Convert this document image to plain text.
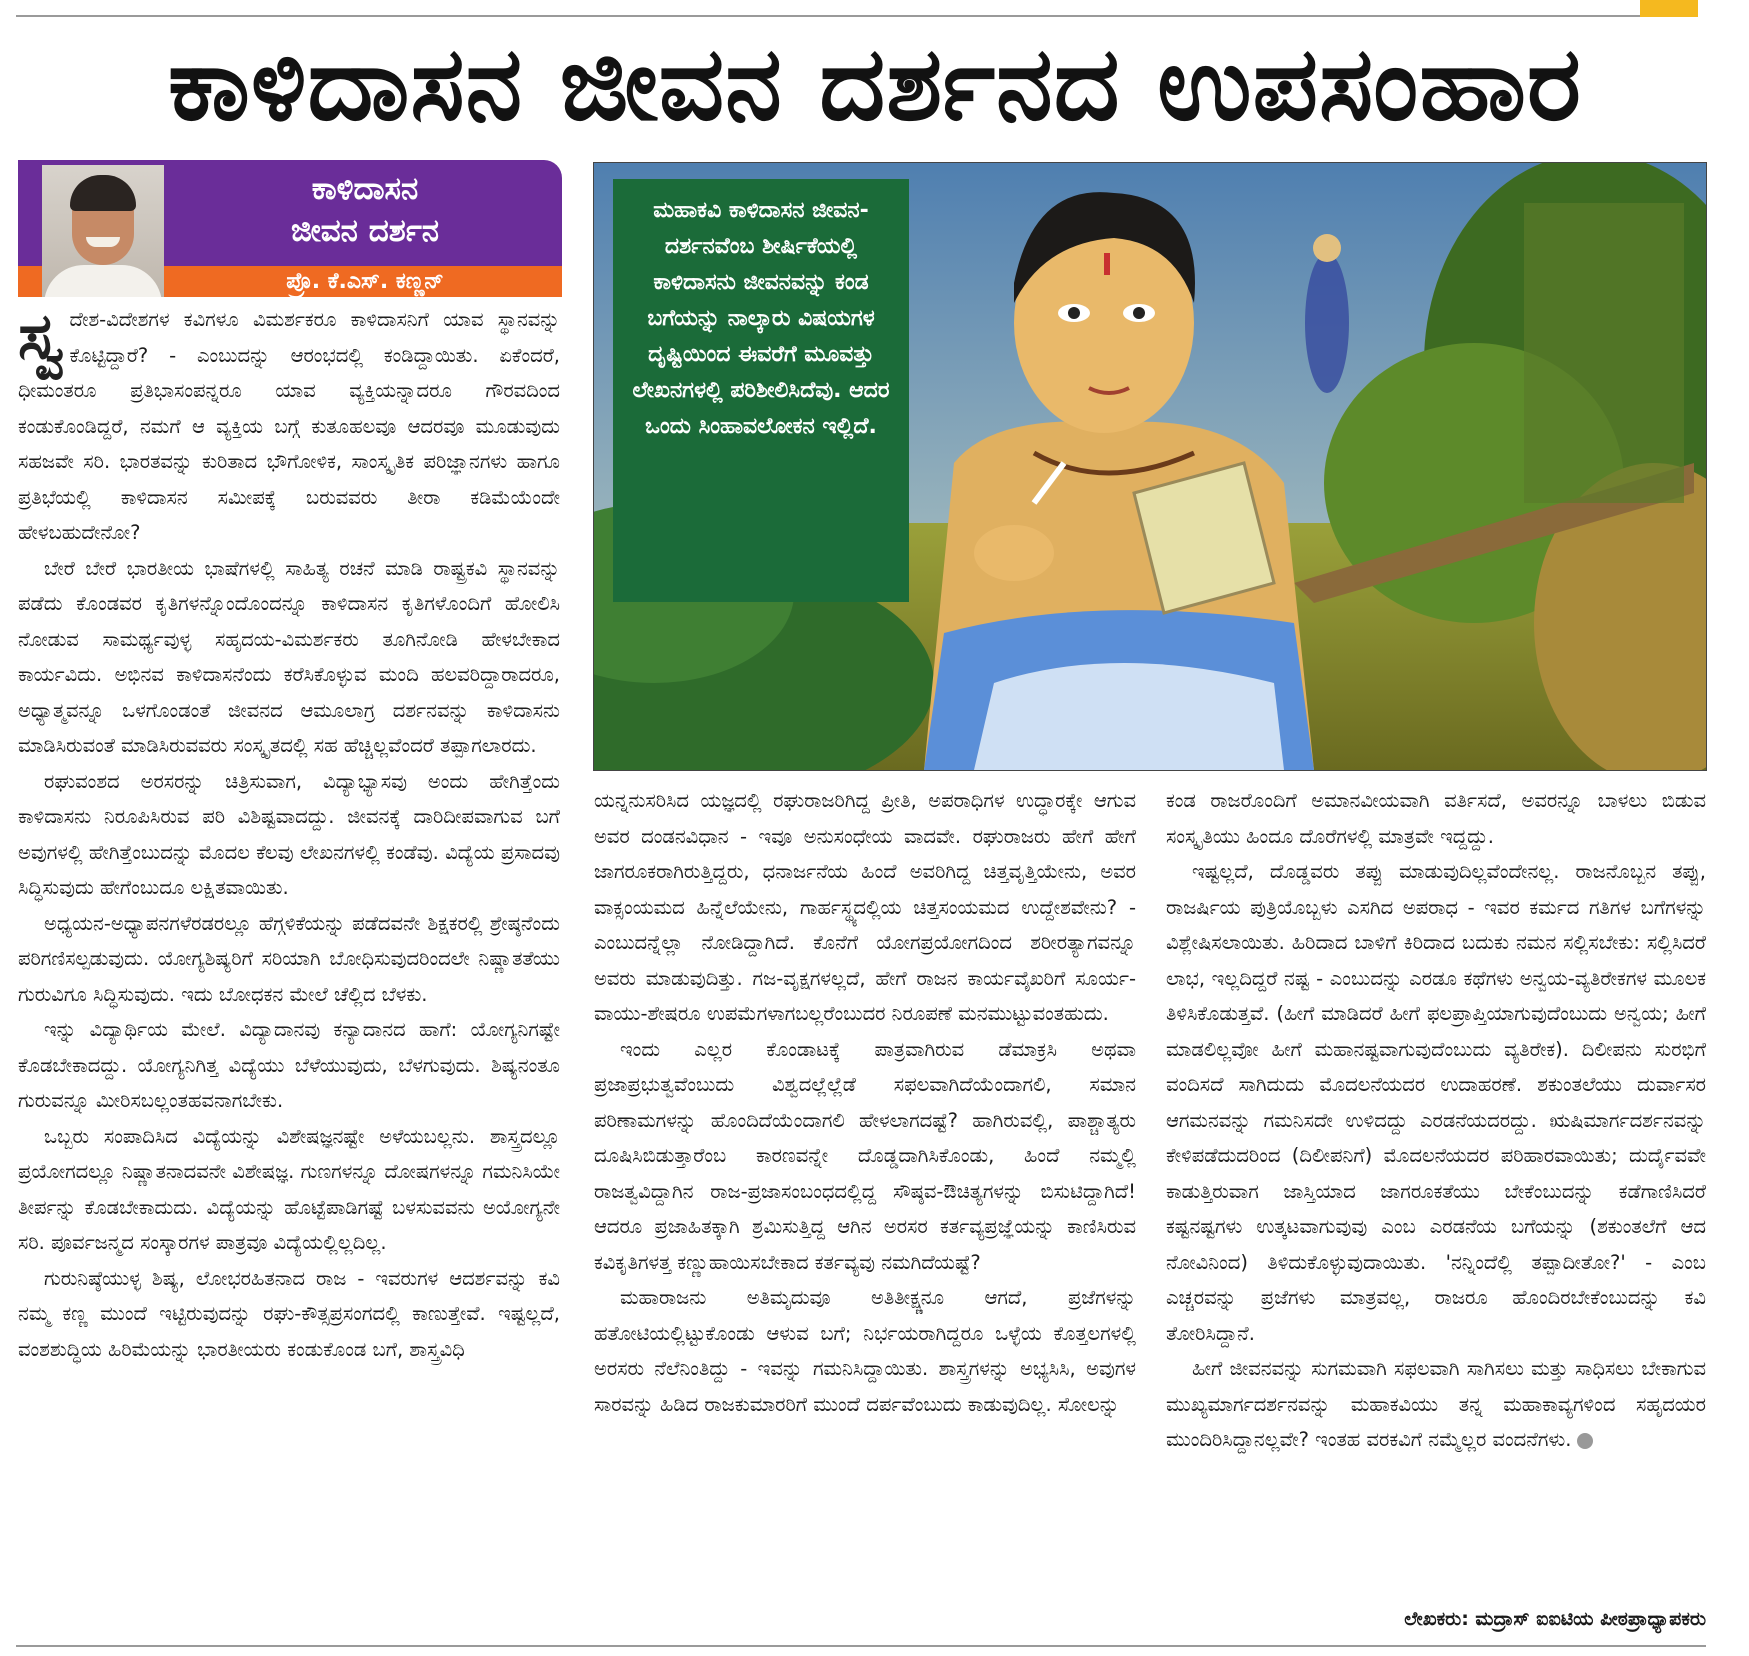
ಕಾಳಿದಾಸನ ಜೀವನ ದರ್ಶನದ ಉಪಸಂಹಾರ
ಕಾಳಿದಾಸನ
ಜೀವನ ದರ್ಶನ
ಪ್ರೊ. ಕೆ.ಎಸ್. ಕಣ್ಣನ್
ಮಹಾಕವಿ ಕಾಳಿದಾಸನ ಜೀವನ-ದರ್ಶನವೆಂಬ ಶೀರ್ಷಿಕೆಯಲ್ಲಿ ಕಾಳಿದಾಸನು ಜೀವನವನ್ನು ಕಂಡ ಬಗೆಯನ್ನು ನಾಲ್ಕಾರು ವಿಷಯಗಳ ದೃಷ್ಟಿಯಿಂದ ಈವರೆಗೆ ಮೂವತ್ತು ಲೇಖನಗಳಲ್ಲಿ ಪರಿಶೀಲಿಸಿದೆವು. ಆದರ ಒಂದು ಸಿಂಹಾವಲೋಕನ ಇಲ್ಲಿದೆ.

ಸ್ವ ದೇಶ-ವಿದೇಶಗಳ ಕವಿಗಳೂ ವಿಮರ್ಶಕರೂ ಕಾಳಿದಾಸನಿಗೆ ಯಾವ ಸ್ಥಾನವನ್ನು ಕೊಟ್ಟಿದ್ದಾರೆ? - ಎಂಬುದನ್ನು ಆರಂಭದಲ್ಲಿ ಕಂಡಿದ್ದಾಯಿತು. ಏಕೆಂದರೆ, ಧೀಮಂತರೂ ಪ್ರತಿಭಾಸಂಪನ್ನರೂ ಯಾವ ವ್ಯಕ್ತಿಯನ್ನಾದರೂ ಗೌರವದಿಂದ ಕಂಡುಕೊಂಡಿದ್ದರೆ, ನಮಗೆ ಆ ವ್ಯಕ್ತಿಯ ಬಗ್ಗೆ ಕುತೂಹಲವೂ ಆದರವೂ ಮೂಡುವುದು ಸಹಜವೇ ಸರಿ. ಭಾರತವನ್ನು ಕುರಿತಾದ ಭೌಗೋಳಿಕ, ಸಾಂಸ್ಕೃತಿಕ ಪರಿಜ್ಞಾನಗಳು ಹಾಗೂ ಪ್ರತಿಭೆಯಲ್ಲಿ ಕಾಳಿದಾಸನ ಸಮೀಪಕ್ಕೆ ಬರುವವರು ತೀರಾ ಕಡಿಮೆಯೆಂದೇ ಹೇಳಬಹುದೇನೋ?

ಬೇರೆ ಬೇರೆ ಭಾರತೀಯ ಭಾಷೆಗಳಲ್ಲಿ ಸಾಹಿತ್ಯ ರಚನೆ ಮಾಡಿ ರಾಷ್ಟ್ರಕವಿ ಸ್ಥಾನವನ್ನು ಪಡೆದು ಕೊಂಡವರ ಕೃತಿಗಳನ್ನೊಂದೊಂದನ್ನೂ ಕಾಳಿದಾಸನ ಕೃತಿಗಳೊಂದಿಗೆ ಹೋಲಿಸಿ ನೋಡುವ ಸಾಮರ್ಥ್ಯವುಳ್ಳ ಸಹೃದಯ-ವಿಮರ್ಶಕರು ತೂಗಿನೋಡಿ ಹೇಳಬೇಕಾದ ಕಾರ್ಯವಿದು. ಅಭಿನವ ಕಾಳಿದಾಸನೆಂದು ಕರೆಸಿಕೊಳ್ಳುವ ಮಂದಿ ಹಲವರಿದ್ದಾರಾದರೂ, ಅಧ್ಯಾತ್ಮವನ್ನೂ ಒಳಗೊಂಡಂತೆ ಜೀವನದ ಆಮೂಲಾಗ್ರ ದರ್ಶನವನ್ನು ಕಾಳಿದಾಸನು ಮಾಡಿಸಿರುವಂತೆ ಮಾಡಿಸಿರುವವರು ಸಂಸ್ಕೃತದಲ್ಲಿ ಸಹ ಹೆಚ್ಚಿಲ್ಲವೆಂದರೆ ತಪ್ಪಾಗಲಾರದು.

ರಘುವಂಶದ ಅರಸರನ್ನು ಚಿತ್ರಿಸುವಾಗ, ವಿದ್ಯಾಭ್ಯಾಸವು ಅಂದು ಹೇಗಿತ್ತೆಂದು ಕಾಳಿದಾಸನು ನಿರೂಪಿಸಿರುವ ಪರಿ ವಿಶಿಷ್ಟವಾದದ್ದು. ಜೀವನಕ್ಕೆ ದಾರಿದೀಪವಾಗುವ ಬಗೆ ಅವುಗಳಲ್ಲಿ ಹೇಗಿತ್ತೆಂಬುದನ್ನು ಮೊದಲ ಕೆಲವು ಲೇಖನಗಳಲ್ಲಿ ಕಂಡೆವು. ವಿದ್ಯೆಯ ಪ್ರಸಾದವು ಸಿದ್ಧಿಸುವುದು ಹೇಗೆಂಬುದೂ ಲಕ್ಷಿತವಾಯಿತು.

ಅಧ್ಯಯನ-ಅಧ್ಯಾಪನಗಳೆರಡರಲ್ಲೂ ಹೆಗ್ಗಳಿಕೆಯನ್ನು ಪಡೆದವನೇ ಶಿಕ್ಷಕರಲ್ಲಿ ಶ್ರೇಷ್ಠನೆಂದು ಪರಿಗಣಿಸಲ್ಪಡುವುದು. ಯೋಗ್ಯಶಿಷ್ಯರಿಗೆ ಸರಿಯಾಗಿ ಬೋಧಿಸುವುದರಿಂದಲೇ ನಿಷ್ಣಾತತೆಯು ಗುರುವಿಗೂ ಸಿದ್ಧಿಸುವುದು. ಇದು ಬೋಧಕನ ಮೇಲೆ ಚೆಲ್ಲಿದ ಬೆಳಕು.

ಇನ್ನು ವಿದ್ಯಾರ್ಥಿಯ ಮೇಲೆ. ವಿದ್ಯಾದಾನವು ಕನ್ಯಾದಾನದ ಹಾಗೆ: ಯೋಗ್ಯನಿಗಷ್ಟೇ ಕೊಡಬೇಕಾದದ್ದು. ಯೋಗ್ಯನಿಗಿತ್ತ ವಿದ್ಯೆಯು ಬೆಳೆಯುವುದು, ಬೆಳಗುವುದು. ಶಿಷ್ಯನಂತೂ ಗುರುವನ್ನೂ ಮೀರಿಸಬಲ್ಲಂತಹವನಾಗಬೇಕು.

ಒಬ್ಬರು ಸಂಪಾದಿಸಿದ ವಿದ್ಯೆಯನ್ನು ವಿಶೇಷಜ್ಞನಷ್ಟೇ ಅಳೆಯಬಲ್ಲನು. ಶಾಸ್ತ್ರದಲ್ಲೂ ಪ್ರಯೋಗದಲ್ಲೂ ನಿಷ್ಣಾತನಾದವನೇ ವಿಶೇಷಜ್ಞ. ಗುಣಗಳನ್ನೂ ದೋಷಗಳನ್ನೂ ಗಮನಿಸಿಯೇ ತೀರ್ಪನ್ನು ಕೊಡಬೇಕಾದುದು. ವಿದ್ಯೆಯನ್ನು ಹೊಟ್ಟೆಪಾಡಿಗಷ್ಟೆ ಬಳಸುವವನು ಅಯೋಗ್ಯನೇ ಸರಿ. ಪೂರ್ವಜನ್ಮದ ಸಂಸ್ಕಾರಗಳ ಪಾತ್ರವೂ ವಿದ್ಯೆಯಲ್ಲಿಲ್ಲದಿಲ್ಲ.

ಗುರುನಿಷ್ಠೆಯುಳ್ಳ ಶಿಷ್ಯ, ಲೋಭರಹಿತನಾದ ರಾಜ - ಇವರುಗಳ ಆದರ್ಶವನ್ನು ಕವಿ ನಮ್ಮ ಕಣ್ಣ ಮುಂದೆ ಇಟ್ಟಿರುವುದನ್ನು ರಘು-ಕೌತ್ಸಪ್ರಸಂಗದಲ್ಲಿ ಕಾಣುತ್ತೇವೆ. ಇಷ್ಟಲ್ಲದೆ, ವಂಶಶುದ್ಧಿಯ ಹಿರಿಮೆಯನ್ನು ಭಾರತೀಯರು ಕಂಡುಕೊಂಡ ಬಗೆ, ಶಾಸ್ತ್ರವಿಧಿ

ಯನ್ನನುಸರಿಸಿದ ಯಜ್ಞದಲ್ಲಿ ರಘುರಾಜರಿಗಿದ್ದ ಪ್ರೀತಿ, ಅಪರಾಧಿಗಳ ಉದ್ಧಾರಕ್ಕೇ ಆಗುವ ಅವರ ದಂಡನವಿಧಾನ - ಇವೂ ಅನುಸಂಧೇಯ ವಾದವೇ. ರಘುರಾಜರು ಹೇಗೆ ಹೇಗೆ ಜಾಗರೂಕರಾಗಿರುತ್ತಿದ್ದರು, ಧನಾರ್ಜನೆಯ ಹಿಂದೆ ಅವರಿಗಿದ್ದ ಚಿತ್ತವೃತ್ತಿಯೇನು, ಅವರ ವಾಕ್ಸಂಯಮದ ಹಿನ್ನೆಲೆಯೇನು, ಗಾರ್ಹಸ್ಥ್ಯದಲ್ಲಿಯ ಚಿತ್ತಸಂಯಮದ ಉದ್ದೇಶವೇನು? - ಎಂಬುದನ್ನೆಲ್ಲಾ ನೋಡಿದ್ದಾಗಿದೆ. ಕೊನೆಗೆ ಯೋಗಪ್ರಯೋಗದಿಂದ ಶರೀರತ್ಯಾಗವನ್ನೂ ಅವರು ಮಾಡುವುದಿತ್ತು. ಗಜ-ವೃಕ್ಷಗಳಲ್ಲದೆ, ಹೇಗೆ ರಾಜನ ಕಾರ್ಯವೈಖರಿಗೆ ಸೂರ್ಯ-ವಾಯು-ಶೇಷರೂ ಉಪಮೆಗಳಾಗಬಲ್ಲರೆಂಬುದರ ನಿರೂಪಣೆ ಮನಮುಟ್ಟುವಂತಹುದು.

ಇಂದು ಎಲ್ಲರ ಕೊಂಡಾಟಕ್ಕೆ ಪಾತ್ರವಾಗಿರುವ ಡೆಮಾಕ್ರಸಿ ಅಥವಾ ಪ್ರಜಾಪ್ರಭುತ್ವವೆಂಬುದು ವಿಶ್ವದಲ್ಲೆಲ್ಲೆಡೆ ಸಫಲವಾಗಿದೆಯೆಂದಾಗಲಿ, ಸಮಾನ ಪರಿಣಾಮಗಳನ್ನು ಹೊಂದಿದೆಯೆಂದಾಗಲಿ ಹೇಳಲಾಗದಷ್ಟೆ? ಹಾಗಿರುವಲ್ಲಿ, ಪಾಶ್ಚಾತ್ಯರು ದೂಷಿಸಿಬಿಡುತ್ತಾರೆಂಬ ಕಾರಣವನ್ನೇ ದೊಡ್ಡದಾಗಿಸಿಕೊಂಡು, ಹಿಂದೆ ನಮ್ಮಲ್ಲಿ ರಾಜತ್ವವಿದ್ದಾಗಿನ ರಾಜ-ಪ್ರಜಾಸಂಬಂಧದಲ್ಲಿದ್ದ ಸೌಷ್ಠವ-ಔಚಿತ್ಯಗಳನ್ನು ಬಿಸುಟಿದ್ದಾಗಿದೆ! ಆದರೂ ಪ್ರಜಾಹಿತಕ್ಕಾಗಿ ಶ್ರಮಿಸುತ್ತಿದ್ದ ಆಗಿನ ಅರಸರ ಕರ್ತವ್ಯಪ್ರಜ್ಞೆಯನ್ನು ಕಾಣಿಸಿರುವ ಕವಿಕೃತಿಗಳತ್ತ ಕಣ್ಣುಹಾಯಿಸಬೇಕಾದ ಕರ್ತವ್ಯವು ನಮಗಿದೆಯಷ್ಟೆ?

ಮಹಾರಾಜನು ಅತಿಮೃದುವೂ ಅತಿತೀಕ್ಷ್ಣನೂ ಆಗದೆ, ಪ್ರಜೆಗಳನ್ನು ಹತೋಟಿಯಲ್ಲಿಟ್ಟುಕೊಂಡು ಆಳುವ ಬಗೆ; ನಿರ್ಭಯರಾಗಿದ್ದರೂ ಒಳ್ಳೆಯ ಕೊತ್ತಲಗಳಲ್ಲಿ ಅರಸರು ನೆಲೆನಿಂತಿದ್ದು - ಇವನ್ನು ಗಮನಿಸಿದ್ದಾಯಿತು. ಶಾಸ್ತ್ರಗಳನ್ನು ಅಭ್ಯಸಿಸಿ, ಅವುಗಳ ಸಾರವನ್ನು ಹಿಡಿದ ರಾಜಕುಮಾರರಿಗೆ ಮುಂದೆ ದರ್ಪವೆಂಬುದು ಕಾಡುವುದಿಲ್ಲ. ಸೋಲನ್ನು

ಕಂಡ ರಾಜರೊಂದಿಗೆ ಅಮಾನವೀಯವಾಗಿ ವರ್ತಿಸದೆ, ಅವರನ್ನೂ ಬಾಳಲು ಬಿಡುವ ಸಂಸ್ಕೃತಿಯು ಹಿಂದೂ ದೊರೆಗಳಲ್ಲಿ ಮಾತ್ರವೇ ಇದ್ದದ್ದು.

ಇಷ್ಟಲ್ಲದೆ, ದೊಡ್ಡವರು ತಪ್ಪು ಮಾಡುವುದಿಲ್ಲವೆಂದೇನಲ್ಲ. ರಾಜನೊಬ್ಬನ ತಪ್ಪು, ರಾಜರ್ಷಿಯ ಪುತ್ರಿಯೊಬ್ಬಳು ಎಸಗಿದ ಅಪರಾಧ - ಇವರ ಕರ್ಮದ ಗತಿಗಳ ಬಗೆಗಳನ್ನು ವಿಶ್ಲೇಷಿಸಲಾಯಿತು. ಹಿರಿದಾದ ಬಾಳಿಗೆ ಕಿರಿದಾದ ಬದುಕು ನಮನ ಸಲ್ಲಿಸಬೇಕು: ಸಲ್ಲಿಸಿದರೆ ಲಾಭ, ಇಲ್ಲದಿದ್ದರೆ ನಷ್ಟ - ಎಂಬುದನ್ನು ಎರಡೂ ಕಥೆಗಳು ಅನ್ವಯ-ವ್ಯತಿರೇಕಗಳ ಮೂಲಕ ತಿಳಿಸಿಕೊಡುತ್ತವೆ. (ಹೀಗೆ ಮಾಡಿದರೆ ಹೀಗೆ ಫಲಪ್ರಾಪ್ತಿಯಾಗುವುದೆಂಬುದು ಅನ್ವಯ; ಹೀಗೆ ಮಾಡಲಿಲ್ಲವೋ ಹೀಗೆ ಮಹಾನಷ್ಟವಾಗುವುದೆಂಬುದು ವ್ಯತಿರೇಕ). ದಿಲೀಪನು ಸುರಭಿಗೆ ವಂದಿಸದೆ ಸಾಗಿದುದು ಮೊದಲನೆಯದರ ಉದಾಹರಣೆ. ಶಕುಂತಲೆಯು ದುರ್ವಾಸರ ಆಗಮನವನ್ನು ಗಮನಿಸದೇ ಉಳಿದದ್ದು ಎರಡನೆಯದರದ್ದು. ಋಷಿಮಾರ್ಗದರ್ಶನವನ್ನು ಕೇಳಿಪಡೆದುದರಿಂದ (ದಿಲೀಪನಿಗೆ) ಮೊದಲನೆಯದರ ಪರಿಹಾರವಾಯಿತು; ದುರ್ದೈವವೇ ಕಾಡುತ್ತಿರುವಾಗ ಜಾಸ್ತಿಯಾದ ಜಾಗರೂಕತೆಯು ಬೇಕೆಂಬುದನ್ನು ಕಡೆಗಾಣಿಸಿದರೆ ಕಷ್ಟನಷ್ಟಗಳು ಉತ್ಕಟವಾಗುವುವು ಎಂಬ ಎರಡನೆಯ ಬಗೆಯನ್ನು (ಶಕುಂತಲೆಗೆ ಆದ ನೋವಿನಿಂದ) ತಿಳಿದುಕೊಳ್ಳುವುದಾಯಿತು. 'ನನ್ನಿಂದೆಲ್ಲಿ ತಪ್ಪಾದೀತೋ?' - ಎಂಬ ಎಚ್ಚರವನ್ನು ಪ್ರಜೆಗಳು ಮಾತ್ರವಲ್ಲ, ರಾಜರೂ ಹೊಂದಿರಬೇಕೆಂಬುದನ್ನು ಕವಿ ತೋರಿಸಿದ್ದಾನೆ.

ಹೀಗೆ ಜೀವನವನ್ನು ಸುಗಮವಾಗಿ ಸಫಲವಾಗಿ ಸಾಗಿಸಲು ಮತ್ತು ಸಾಧಿಸಲು ಬೇಕಾಗುವ ಮುಖ್ಯಮಾರ್ಗದರ್ಶನವನ್ನು ಮಹಾಕವಿಯು ತನ್ನ ಮಹಾಕಾವ್ಯಗಳಿಂದ ಸಹೃದಯರ ಮುಂದಿರಿಸಿದ್ದಾನಲ್ಲವೇ? ಇಂತಹ ವರಕವಿಗೆ ನಮ್ಮೆಲ್ಲರ ವಂದನೆಗಳು.

ಲೇಖಕರು: ಮದ್ರಾಸ್ ಐಐಟಿಯ ಪೀಠಪ್ರಾಧ್ಯಾಪಕರು
